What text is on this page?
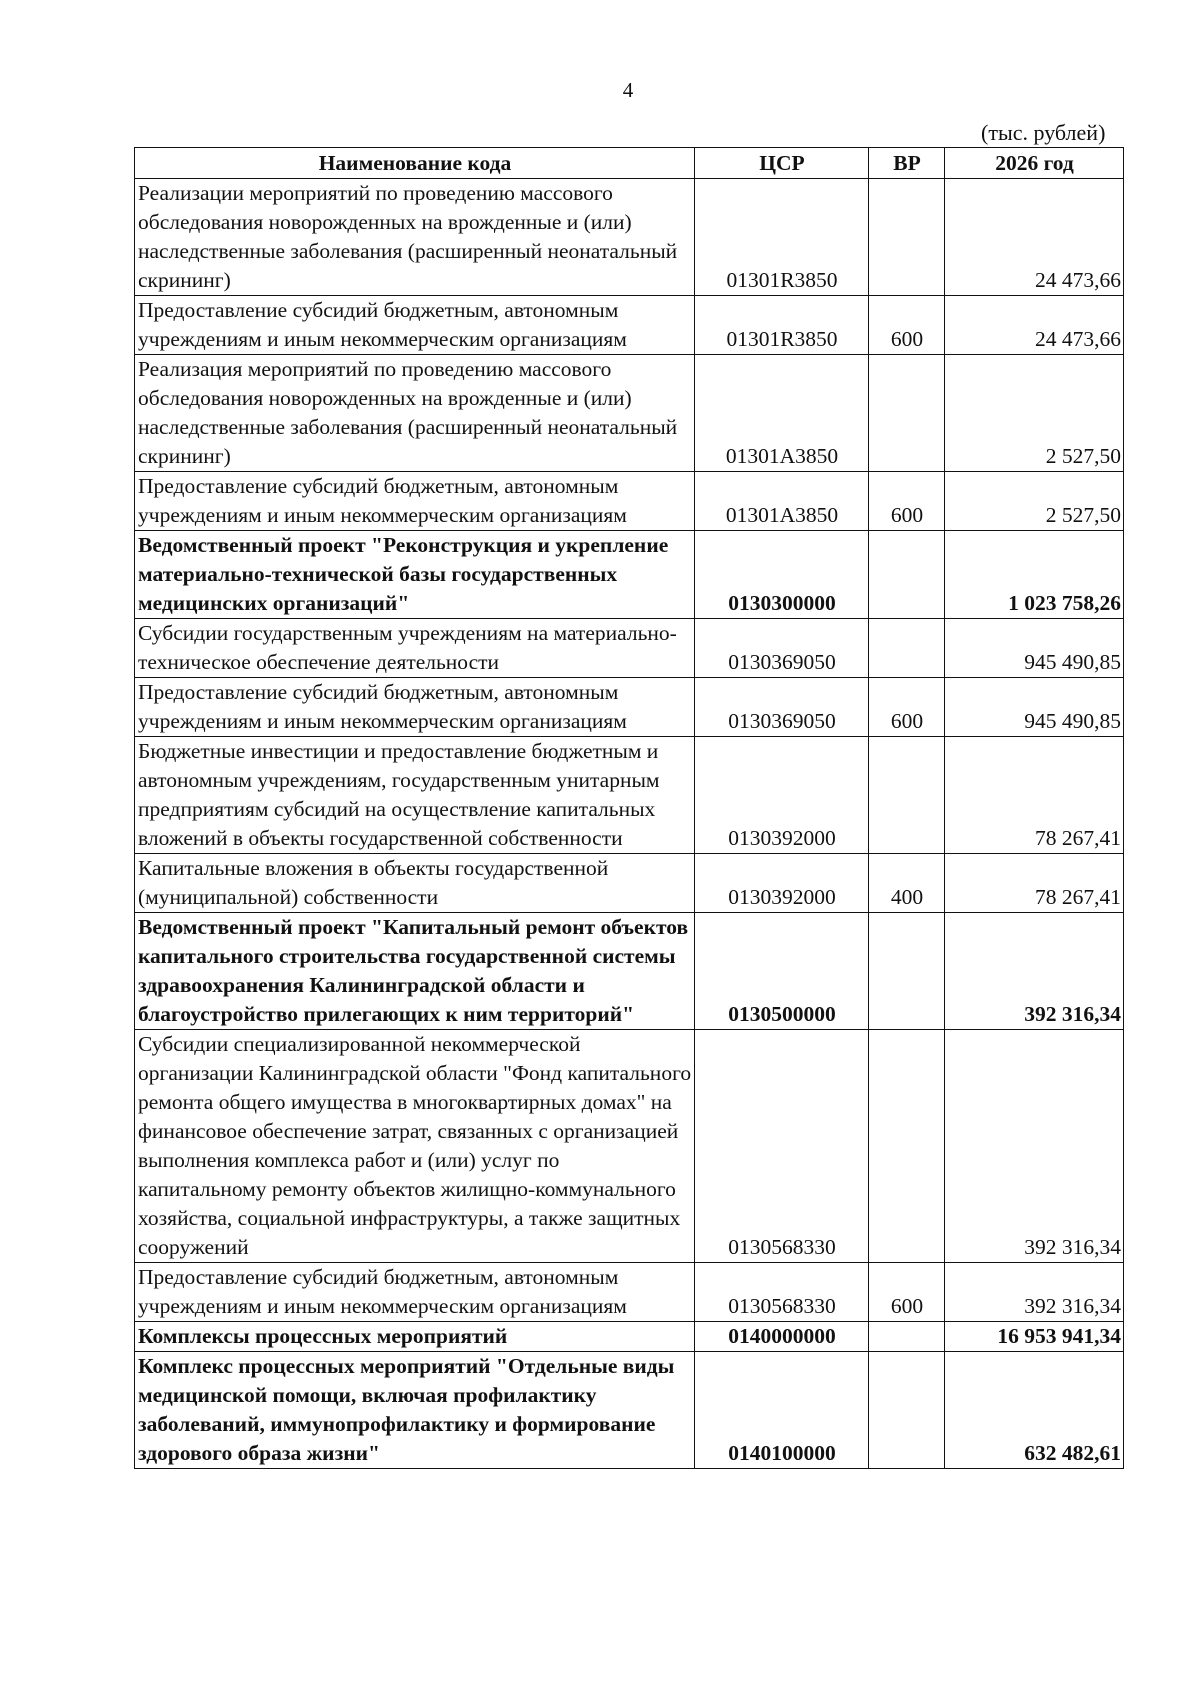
4
(тыс. рублей)
Наименование кода	ЦСР	ВР	2026 год
Реализации мероприятий по проведению массового обследования новорожденных на врожденные и (или) наследственные заболевания (расширенный неонатальный скрининг)	01301R3850		24 473,66
Предоставление субсидий бюджетным, автономным учреждениям и иным некоммерческим организациям	01301R3850	600	24 473,66
Реализация мероприятий по проведению массового обследования новорожденных на врожденные и (или) наследственные заболевания (расширенный неонатальный скрининг)	01301A3850		2 527,50
Предоставление субсидий бюджетным, автономным учреждениям и иным некоммерческим организациям	01301A3850	600	2 527,50
Ведомственный проект "Реконструкция и укрепление материально-технической базы государственных медицинских организаций"	0130300000		1 023 758,26
Субсидии государственным учреждениям на материально-техническое обеспечение деятельности	0130369050		945 490,85
Предоставление субсидий бюджетным, автономным учреждениям и иным некоммерческим организациям	0130369050	600	945 490,85
Бюджетные инвестиции и предоставление бюджетным и автономным учреждениям, государственным унитарным предприятиям субсидий на осуществление капитальных вложений в объекты государственной собственности	0130392000		78 267,41
Капитальные вложения в объекты государственной (муниципальной) собственности	0130392000	400	78 267,41
Ведомственный проект "Капитальный ремонт объектов капитального строительства государственной системы здравоохранения Калининградской области и благоустройство прилегающих к ним территорий"	0130500000		392 316,34
Субсидии специализированной некоммерческой организации Калининградской области "Фонд капитального ремонта общего имущества в многоквартирных домах" на финансовое обеспечение затрат, связанных с организацией выполнения комплекса работ и (или) услуг по капитальному ремонту объектов жилищно-коммунального хозяйства, социальной инфраструктуры, а также защитных сооружений	0130568330		392 316,34
Предоставление субсидий бюджетным, автономным учреждениям и иным некоммерческим организациям	0130568330	600	392 316,34
Комплексы процессных мероприятий	0140000000		16 953 941,34
Комплекс процессных мероприятий "Отдельные виды медицинской помощи, включая профилактику заболеваний, иммунопрофилактику и формирование здорового образа жизни"	0140100000		632 482,61
